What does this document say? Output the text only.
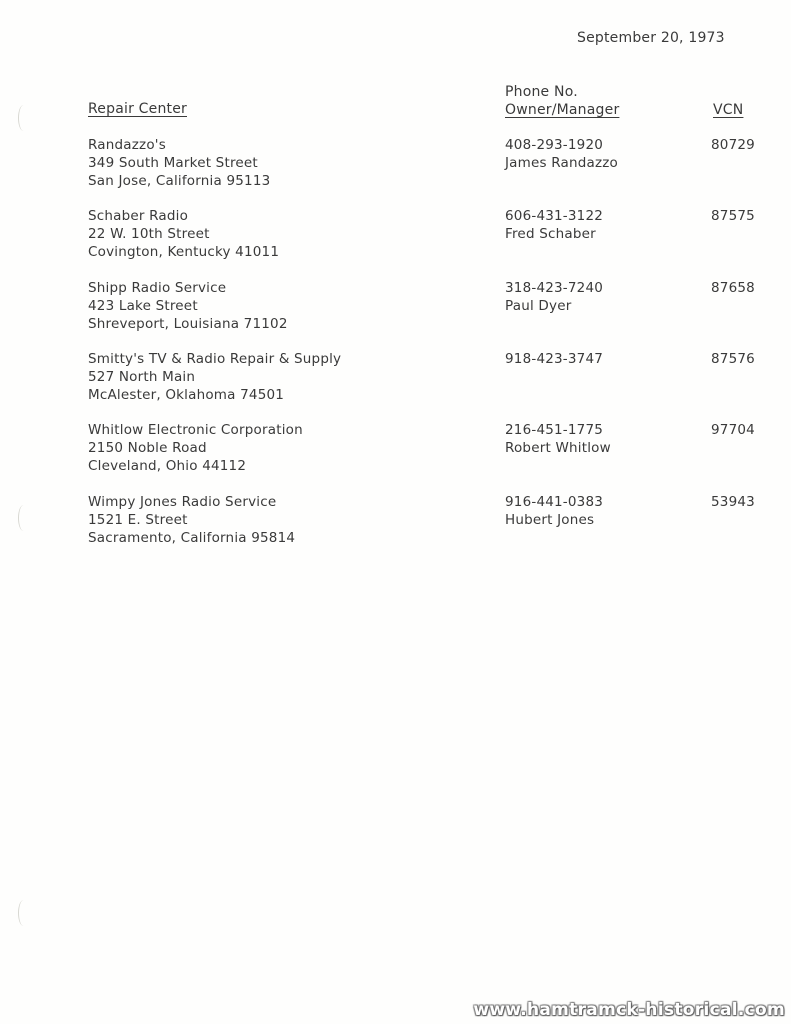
September 20, 1973
Repair Center
Phone No.
Owner/Manager	VCN
Randazzo's
349 South Market Street
San Jose, California 95113
408-293-1920
James Randazzo
80729
Schaber Radio
22 W. 10th Street
Covington, Kentucky 41011
606-431-3122
Fred Schaber
87575
Shipp Radio Service
423 Lake Street
Shreveport, Louisiana 71102
318-423-7240
Paul Dyer
87658
Smitty's TV & Radio Repair & Supply
527 North Main
McAlester, Oklahoma 74501
918-423-3747	87576
Whitlow Electronic Corporation
2150 Noble Road
Cleveland, Ohio 44112
216-451-1775
Robert Whitlow
97704
Wimpy Jones Radio Service
1521 E. Street
Sacramento, California 95814
916-441-0383
Hubert Jones
53943
www.hamtramck-historical.com
